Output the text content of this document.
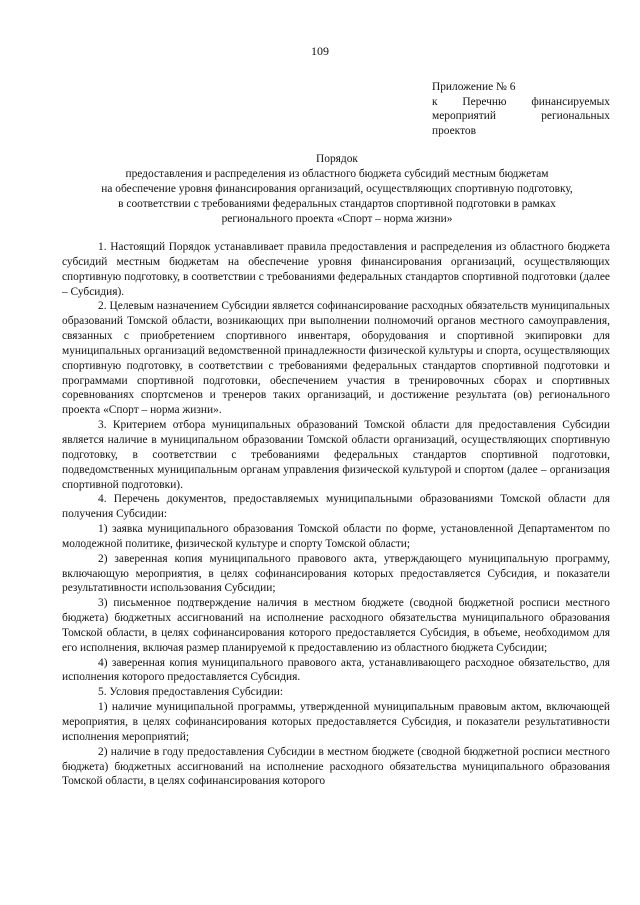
109

Приложение № 6

к Перечню финансируемых

мероприятий региональных

проектов

Порядок

предоставления и распределения из областного бюджета субсидий местным бюджетам

на обеспечение уровня финансирования организаций, осуществляющих спортивную подготовку,

в соответствии с требованиями федеральных стандартов спортивной подготовки в рамках

регионального проекта «Спорт – норма жизни»

1. Настоящий Порядок устанавливает правила предоставления и распределения из областного бюджета субсидий местным бюджетам на обеспечение уровня финансирования организаций, осуществляющих спортивную подготовку, в соответствии с требованиями федеральных стандартов спортивной подготовки (далее – Субсидия).

2. Целевым назначением Субсидии является софинансирование расходных обязательств муниципальных образований Томской области, возникающих при выполнении полномочий органов местного самоуправления, связанных с приобретением спортивного инвентаря, оборудования и спортивной экипировки для муниципальных организаций ведомственной принадлежности физической культуры и спорта, осуществляющих спортивную подготовку, в соответствии с требованиями федеральных стандартов спортивной подготовки и программами спортивной подготовки, обеспечением участия в тренировочных сборах и спортивных соревнованиях спортсменов и тренеров таких организаций, и достижение результата (ов) регионального проекта «Спорт – норма жизни».

3. Критерием отбора муниципальных образований Томской области для предоставления Субсидии является наличие в муниципальном образовании Томской области организаций, осуществляющих спортивную подготовку, в соответствии с требованиями федеральных стандартов спортивной подготовки, подведомственных муниципальным органам управления физической культурой и спортом (далее – организация спортивной подготовки).

4. Перечень документов, предоставляемых муниципальными образованиями Томской области для получения Субсидии:

1) заявка муниципального образования Томской области по форме, установленной Департаментом по молодежной политике, физической культуре и спорту Томской области;

2) заверенная копия муниципального правового акта, утверждающего муниципальную программу, включающую мероприятия, в целях софинансирования которых предоставляется Субсидия, и показатели результативности использования Субсидии;

3) письменное подтверждение наличия в местном бюджете (сводной бюджетной росписи местного бюджета) бюджетных ассигнований на исполнение расходного обязательства муниципального образования Томской области, в целях софинансирования которого предоставляется Субсидия, в объеме, необходимом для его исполнения, включая размер планируемой к предоставлению из областного бюджета Субсидии;

4) заверенная копия муниципального правового акта, устанавливающего расходное обязательство, для исполнения которого предоставляется Субсидия.

5. Условия предоставления Субсидии:

1) наличие муниципальной программы, утвержденной муниципальным правовым актом, включающей мероприятия, в целях софинансирования которых предоставляется Субсидия, и показатели результативности исполнения мероприятий;

2) наличие в году предоставления Субсидии в местном бюджете (сводной бюджетной росписи местного бюджета) бюджетных ассигнований на исполнение расходного обязательства муниципального образования Томской области, в целях софинансирования которого
